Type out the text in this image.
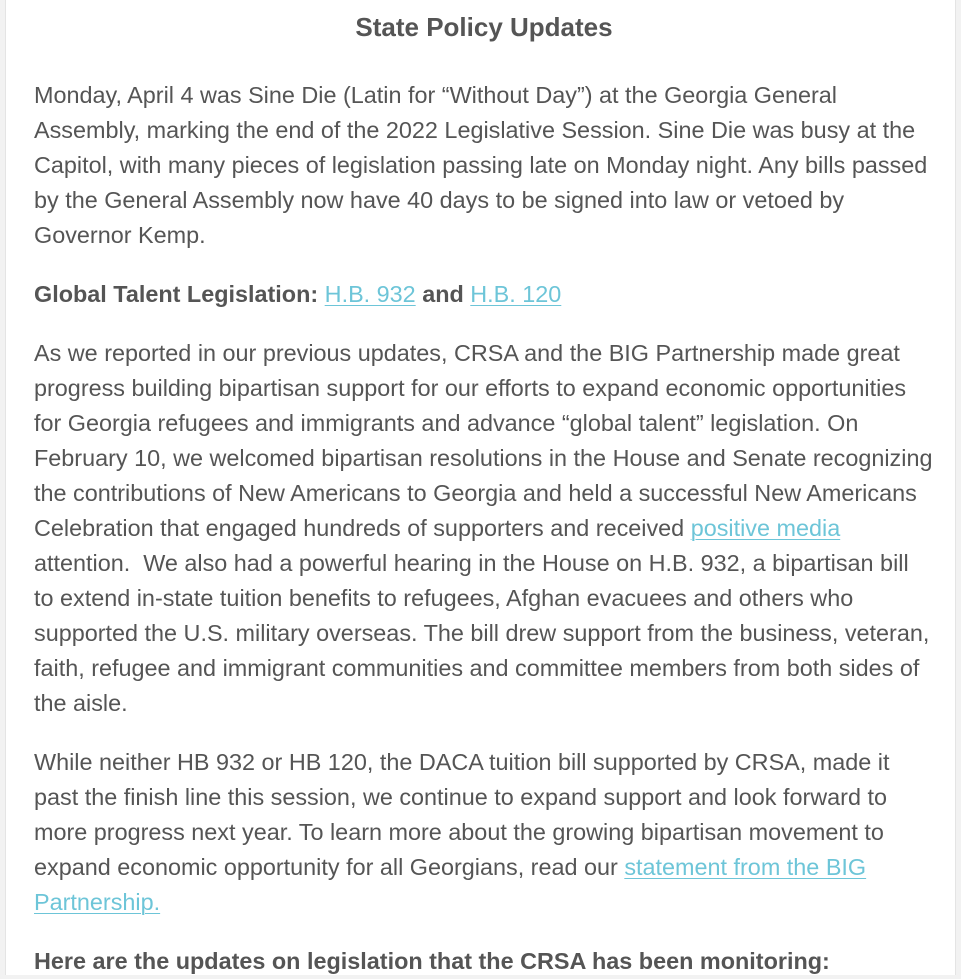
State Policy Updates

Monday, April 4 was Sine Die (Latin for “Without Day”) at the Georgia General Assembly, marking the end of the 2022 Legislative Session. Sine Die was busy at the Capitol, with many pieces of legislation passing late on Monday night. Any bills passed by the General Assembly now have 40 days to be signed into law or vetoed by Governor Kemp.

Global Talent Legislation: H.B. 932 and H.B. 120

As we reported in our previous updates, CRSA and the BIG Partnership made great progress building bipartisan support for our efforts to expand economic opportunities for Georgia refugees and immigrants and advance “global talent” legislation. On February 10, we welcomed bipartisan resolutions in the House and Senate recognizing the contributions of New Americans to Georgia and held a successful New Americans Celebration that engaged hundreds of supporters and received positive media attention.  We also had a powerful hearing in the House on H.B. 932, a bipartisan bill to extend in-state tuition benefits to refugees, Afghan evacuees and others who supported the U.S. military overseas. The bill drew support from the business, veteran, faith, refugee and immigrant communities and committee members from both sides of the aisle.

While neither HB 932 or HB 120, the DACA tuition bill supported by CRSA, made it past the finish line this session, we continue to expand support and look forward to more progress next year. To learn more about the growing bipartisan movement to expand economic opportunity for all Georgians, read our statement from the BIG Partnership.

Here are the updates on legislation that the CRSA has been monitoring:
